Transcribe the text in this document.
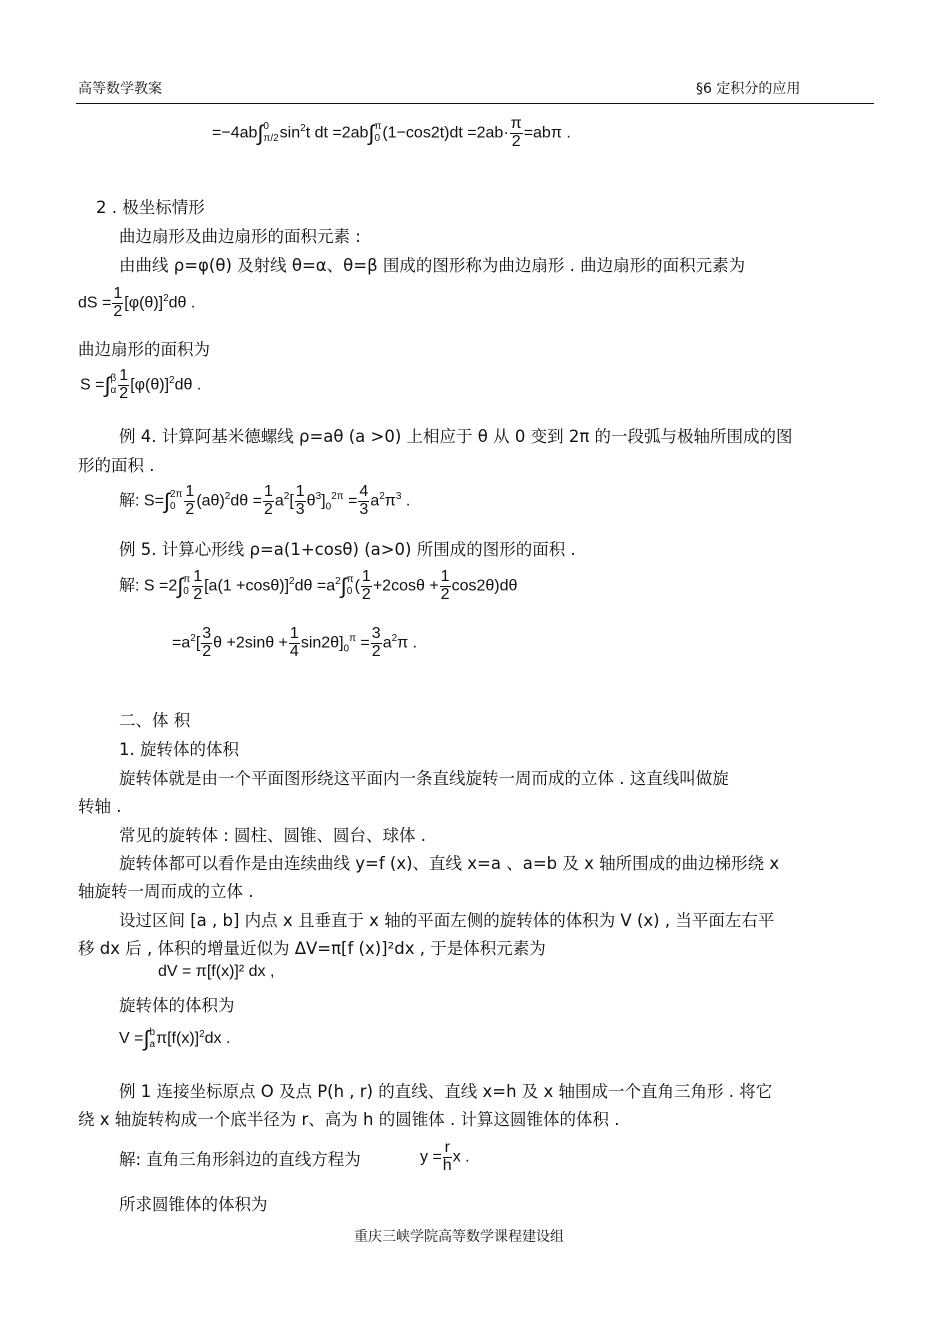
高等数学教案	§6 定积分的应用
=−4ab∫ 0
π/2 $\sin^2t$ dt =2ab∫ π
0 $(1-\cos 2t)dt =2ab\cdot \frac{\pi}{2} =ab\pi$ .
2 . 极坐标情形
曲边扇形及曲边扇形的面积元素 :
由曲线 ρ=φ(θ) 及射线 θ=α、θ=β 围成的图形称为曲边扇形 . 曲边扇形的面积元素为
dS = $\frac{1}{2} [\varphi(\theta)]^2d\theta$ .
曲边扇形的面积为
S =∫ β
α $\frac{1}{2} [\varphi(\theta)]^2d\theta$ .
例 4. 计算阿基米德螺线 ρ=aθ (a >0) 上相应于 θ 从 0 变到 2π 的一段弧与极轴所围成的图
形的面积 .
解: S=∫ 2π
$0 \frac{1}{2} (a\theta)^2d\theta = \frac{1}{2} a^2[ \frac{1}{3} \theta^3]_0^{2\pi} = \frac{4}{3} a^2\pi^3$ .
例 5. 计算心形线 ρ=a(1+cosθ) (a>0) 所围成的图形的面积 .
解: S =2∫ π
$0 \frac{1}{2} [a(1 +\cos\theta)]^2d\theta =a^2\int$ π
0 ( $\frac{1}{2} +2\cos\theta + \frac{1}{2} \cos 2\theta)d\theta$
$=a^2[ \frac{3}{2}$ $\theta +2\sin\theta + \frac{1}{4} \sin 2\theta]_0^\pi = \frac{3}{2} a^2\pi$ .
二、体 积
1. 旋转体的体积
旋转体就是由一个平面图形绕这平面内一条直线旋转一周而成的立体 . 这直线叫做旋
转轴 .
常见的旋转体 : 圆柱、圆锥、圆台、球体 .
旋转体都可以看作是由连续曲线 y=f (x)、直线 x=a 、a=b 及 x 轴所围成的曲边梯形绕 x
轴旋转一周而成的立体 .
设过区间 [a , b] 内点 x 且垂直于 x 轴的平面左侧的旋转体的体积为 V (x) , 当平面左右平
移 dx 后 , 体积的增量近似为 ΔV=π[f (x)]²dx , 于是体积元素为
dV = π[f(x)]² dx ,
旋转体的体积为
V =∫ b
a $\pi[f(x)]^2dx$ .
例 1 连接坐标原点 O 及点 P(h , r) 的直线、直线 x=h 及 x 轴围成一个直角三角形 . 将它
绕 x 轴旋转构成一个底半径为 r、高为 h 的圆锥体 . 计算这圆锥体的体积 .
解: 直角三角形斜边的直线方程为	$y = \frac{r}{h}$ x .
所求圆锥体的体积为
重庆三峡学院高等数学课程建设组
